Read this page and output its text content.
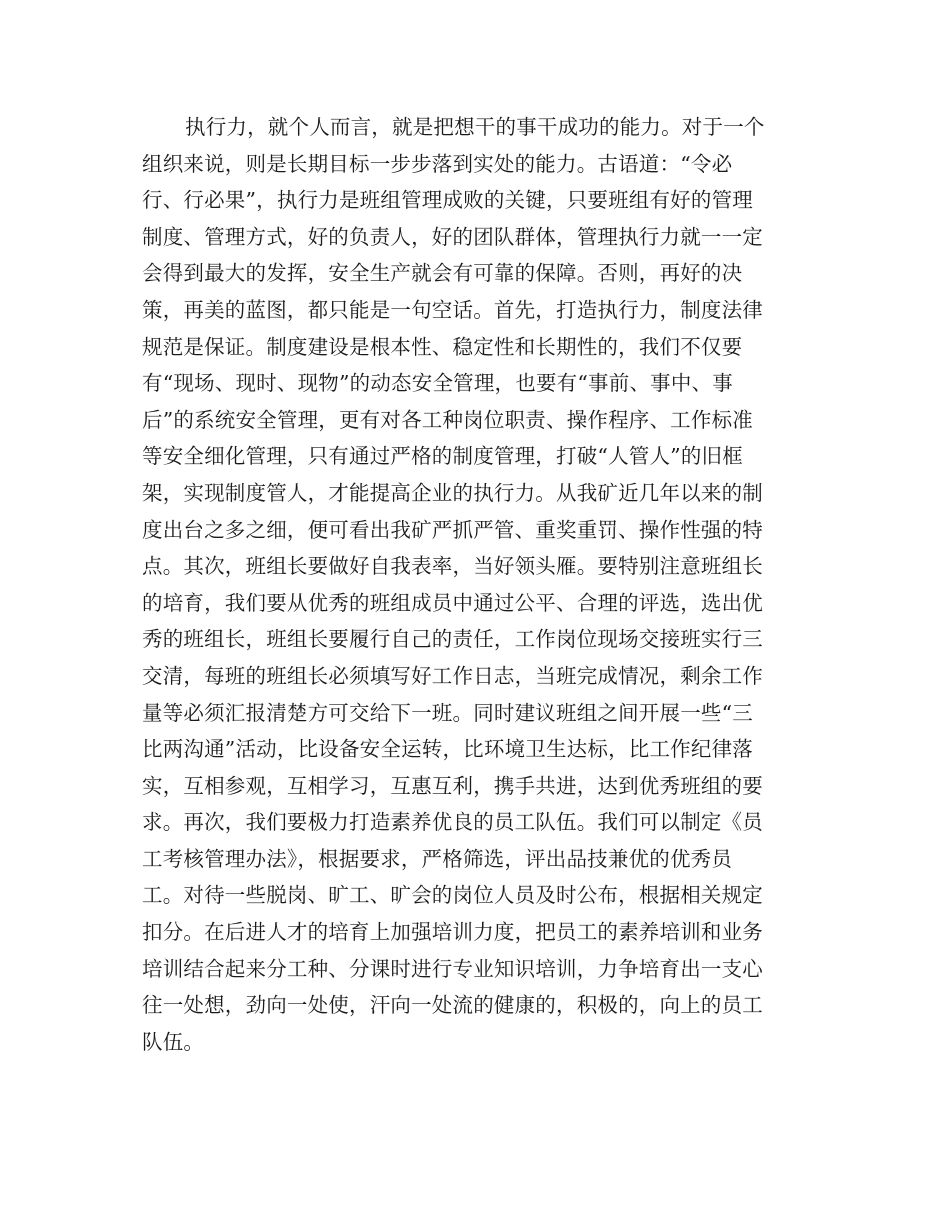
执行力，就个人而言，就是把想干的事干成功的能力。对于一个
组织来说，则是长期目标一步步落到实处的能力。古语道：“令必
行、行必果”，执行力是班组管理成败的关键，只要班组有好的管理
制度、管理方式，好的负责人，好的团队群体，管理执行力就一一定
会得到最大的发挥，安全生产就会有可靠的保障。否则，再好的决
策，再美的蓝图，都只能是一句空话。首先，打造执行力，制度法律
规范是保证。制度建设是根本性、稳定性和长期性的，我们不仅要
有“现场、现时、现物”的动态安全管理，也要有“事前、事中、事
后”的系统安全管理，更有对各工种岗位职责、操作程序、工作标准
等安全细化管理，只有通过严格的制度管理，打破“人管人”的旧框
架，实现制度管人，才能提高企业的执行力。从我矿近几年以来的制
度出台之多之细，便可看出我矿严抓严管、重奖重罚、操作性强的特
点。其次，班组长要做好自我表率，当好领头雁。要特别注意班组长
的培育，我们要从优秀的班组成员中通过公平、合理的评选，选出优
秀的班组长，班组长要履行自己的责任，工作岗位现场交接班实行三
交清，每班的班组长必须填写好工作日志，当班完成情况，剩余工作
量等必须汇报清楚方可交给下一班。同时建议班组之间开展一些“三
比两沟通”活动，比设备安全运转，比环境卫生达标，比工作纪律落
实，互相参观，互相学习，互惠互利，携手共进，达到优秀班组的要
求。再次，我们要极力打造素养优良的员工队伍。我们可以制定《员
工考核管理办法》，根据要求，严格筛选，评出品技兼优的优秀员
工。对待一些脱岗、旷工、旷会的岗位人员及时公布，根据相关规定
扣分。在后进人才的培育上加强培训力度，把员工的素养培训和业务
培训结合起来分工种、分课时进行专业知识培训，力争培育出一支心
往一处想，劲向一处使，汗向一处流的健康的，积极的，向上的员工
队伍。
